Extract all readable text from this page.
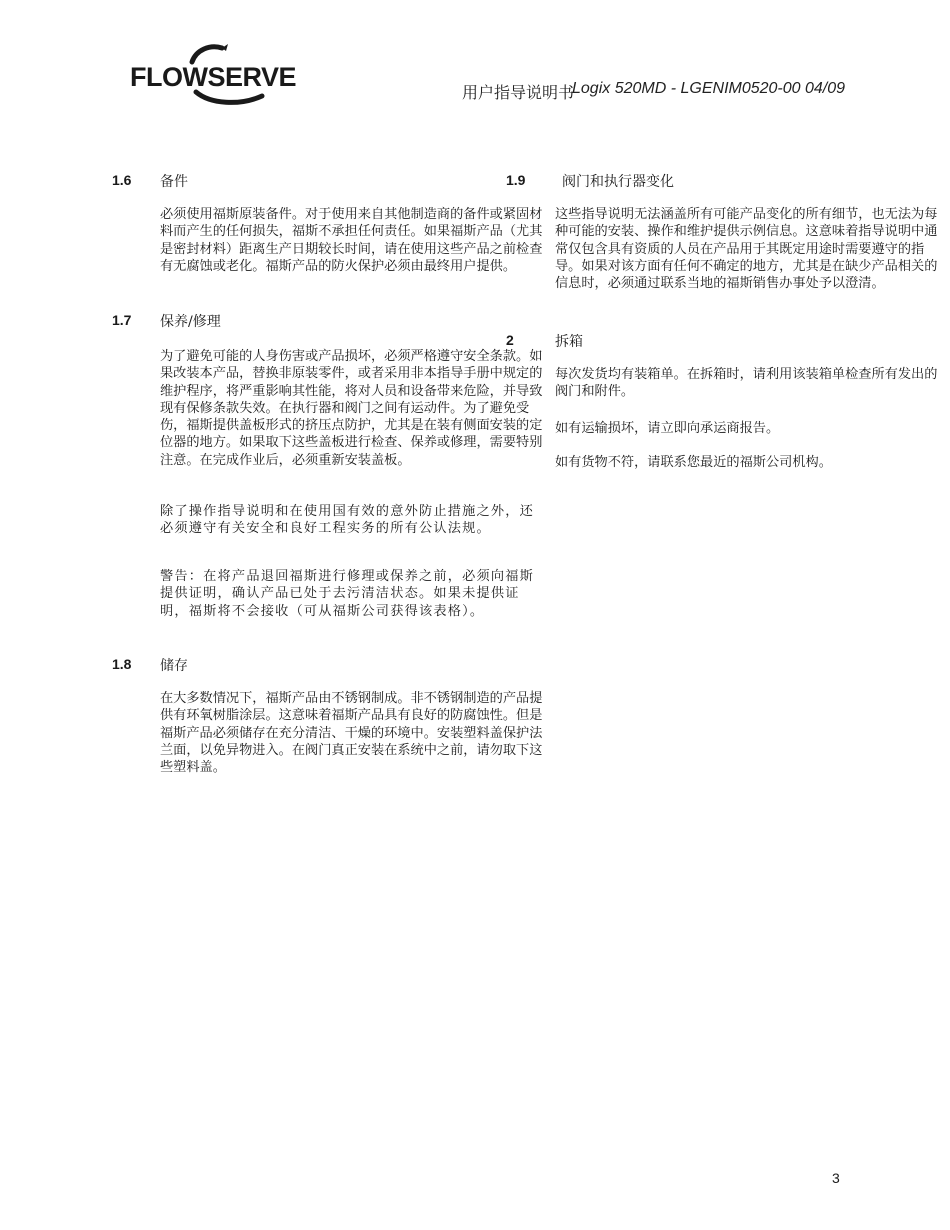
FLOWSERVE
用户指导说明书
Logix 520MD - LGENIM0520-00 04/09
1.6 备件
必须使用福斯原装备件。对于使用来自其他制造商的备件或紧固材料而产生的任何损失，福斯不承担任何责任。如果福斯产品（尤其是密封材料）距离生产日期较长时间，请在使用这些产品之前检查有无腐蚀或老化。福斯产品的防火保护必须由最终用户提供。
1.7 保养/修理
为了避免可能的人身伤害或产品损坏，必须严格遵守安全条款。如果改装本产品，替换非原装零件，或者采用非本指导手册中规定的维护程序，将严重影响其性能，将对人员和设备带来危险，并导致现有保修条款失效。在执行器和阀门之间有运动件。为了避免受伤，福斯提供盖板形式的挤压点防护，尤其是在装有侧面安装的定位器的地方。如果取下这些盖板进行检查、保养或修理，需要特别注意。在完成作业后，必须重新安装盖板。
除了操作指导说明和在使用国有效的意外防止措施之外，还必须遵守有关安全和良好工程实务的所有公认法规。
警告：在将产品退回福斯进行修理或保养之前，必须向福斯提供证明，确认产品已处于去污清洁状态。如果未提供证明，福斯将不会接收（可从福斯公司获得该表格）。
1.8 储存
在大多数情况下，福斯产品由不锈钢制成。非不锈钢制造的产品提供有环氧树脂涂层。这意味着福斯产品具有良好的防腐蚀性。但是福斯产品必须储存在充分清洁、干燥的环境中。安装塑料盖保护法兰面，以免异物进入。在阀门真正安装在系统中之前，请勿取下这些塑料盖。
1.9	阀门和执行器变化
这些指导说明无法涵盖所有可能产品变化的所有细节，也无法为每种可能的安装、操作和维护提供示例信息。这意味着指导说明中通常仅包含具有资质的人员在产品用于其既定用途时需要遵守的指导。如果对该方面有任何不确定的地方，尤其是在缺少产品相关的信息时，必须通过联系当地的福斯销售办事处予以澄清。
2	拆箱
每次发货均有装箱单。在拆箱时，请利用该装箱单检查所有发出的阀门和附件。
如有运输损坏，请立即向承运商报告。
如有货物不符，请联系您最近的福斯公司机构。
3
